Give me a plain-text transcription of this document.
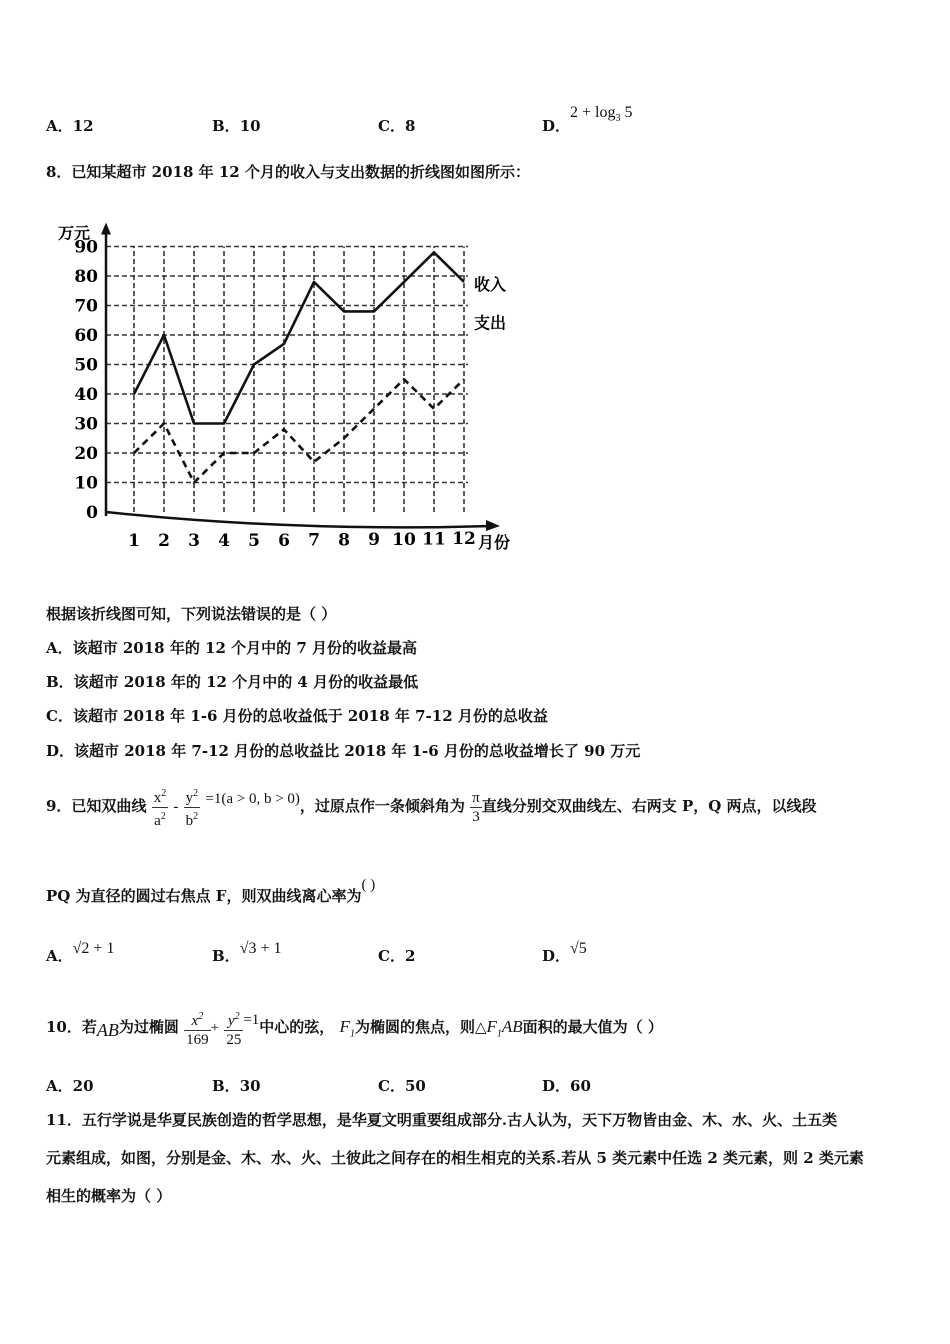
A．12	B．10	C．8	D．$2 + \log_3 5$
8．已知某超市 2018 年 12 个月的收入与支出数据的折线图如图所示：
0
10
20
30
40
50
60
70
80
90
1 2 3 4 5 6 7 8 9 10 11 12
万元
月份
收入
支出
根据该折线图可知，下列说法错误的是（ ）
A．该超市 2018 年的 12 个月中的 7 月份的收益最高
B．该超市 2018 年的 12 个月中的 4 月份的收益最低
C．该超市 2018 年 1-6 月份的总收益低于 2018 年 7-12 月份的总收益
D．该超市 2018 年 7-12 月份的总收益比 2018 年 1-6 月份的总收益增长了 90 万元
9．已知双曲线 $\frac{x^2}{a^2} - \frac{y^2}{b^2} =1(a > 0$, b > 0)，过原点作一条倾斜角为 $\frac{\pi}{3}$ 直线分别交双曲线左、右两支 P，Q 两点，以线段
PQ 为直径的圆过右焦点 F，则双曲线离心率为( )
A．√2 + 1	B．√3 + 1	C．2	D．√5
10．若AB为过椭圆 $\frac{x^2}{169} + \frac{y^2}{25} =1$中心的弦， $F_1$为椭圆的焦点，则$\triangle F_1AB$面积的最大值为（ ）
A．20	B．30	C．50	D．60
11．五行学说是华夏民族创造的哲学思想，是华夏文明重要组成部分.古人认为，天下万物皆由金、木、水、火、土五类
元素组成，如图，分别是金、木、水、火、土彼此之间存在的相生相克的关系.若从 5 类元素中任选 2 类元素，则 2 类元素
相生的概率为（ ）
